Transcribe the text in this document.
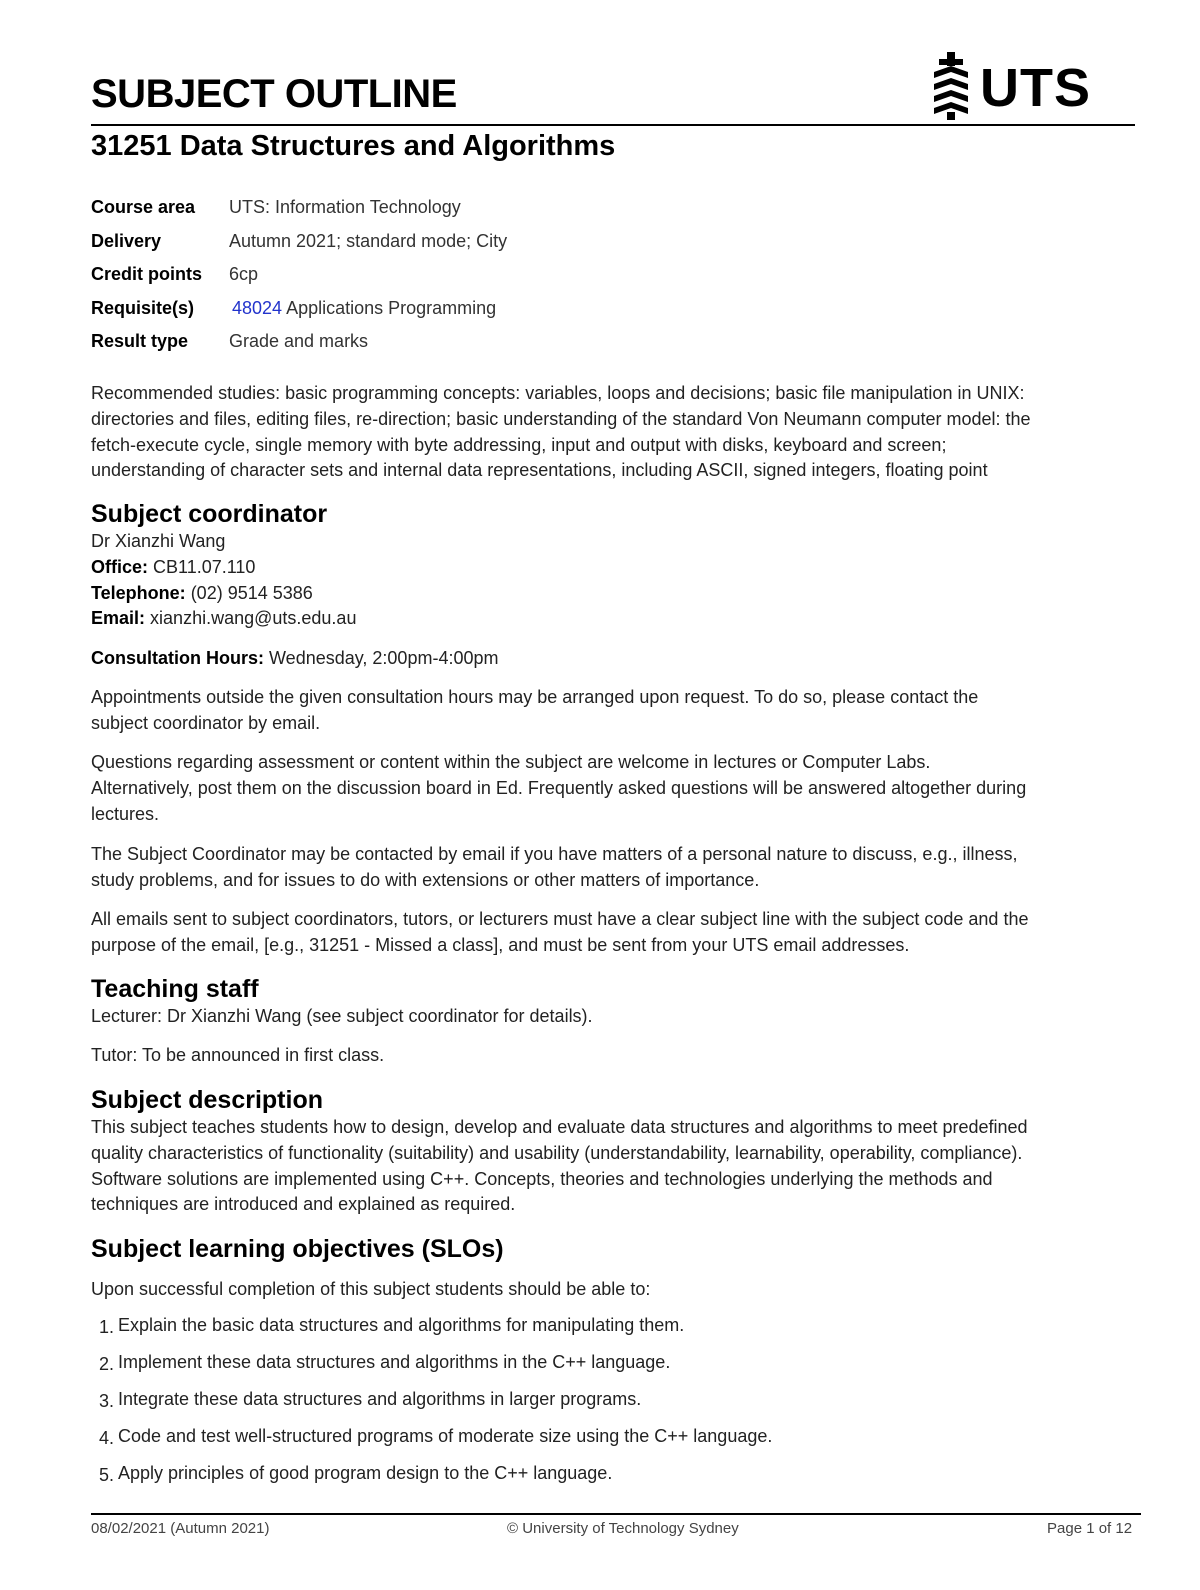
SUBJECT OUTLINE	UTS
31251 Data Structures and Algorithms
Course area UTS: Information Technology
Delivery	Autumn 2021; standard mode; City
Credit points 6cp
Requisite(s) 48024 Applications Programming
Result type Grade and marks

Recommended studies: basic programming concepts: variables, loops and decisions; basic file manipulation in UNIX:

directories and files, editing files, re-direction; basic understanding of the standard Von Neumann computer model: the

fetch-execute cycle, single memory with byte addressing, input and output with disks, keyboard and screen;

understanding of character sets and internal data representations, including ASCII, signed integers, floating point

Subject coordinator

Dr Xianzhi Wang

Office: CB11.07.110

Telephone: (02) 9514 5386

Email: xianzhi.wang@uts.edu.au

Consultation Hours: Wednesday, 2:00pm-4:00pm

Appointments outside the given consultation hours may be arranged upon request. To do so, please contact the

subject coordinator by email.

Questions regarding assessment or content within the subject are welcome in lectures or Computer Labs.

Alternatively, post them on the discussion board in Ed. Frequently asked questions will be answered altogether during

lectures.

The Subject Coordinator may be contacted by email if you have matters of a personal nature to discuss, e.g., illness,

study problems, and for issues to do with extensions or other matters of importance.

All emails sent to subject coordinators, tutors, or lecturers must have a clear subject line with the subject code and the

purpose of the email, [e.g., 31251 - Missed a class], and must be sent from your UTS email addresses.

Teaching staff

Lecturer: Dr Xianzhi Wang (see subject coordinator for details).

Tutor: To be announced in first class.

Subject description

This subject teaches students how to design, develop and evaluate data structures and algorithms to meet predefined

quality characteristics of functionality (suitability) and usability (understandability, learnability, operability, compliance).

Software solutions are implemented using C++. Concepts, theories and technologies underlying the methods and

techniques are introduced and explained as required.

Subject learning objectives (SLOs)

Upon successful completion of this subject students should be able to:

1. Explain the basic data structures and algorithms for manipulating them.
2. Implement these data structures and algorithms in the C++ language.
3. Integrate these data structures and algorithms in larger programs.
4. Code and test well-structured programs of moderate size using the C++ language.
5. Apply principles of good program design to the C++ language.
08/02/2021 (Autumn 2021)	© University of Technology Sydney	Page 1 of 12
